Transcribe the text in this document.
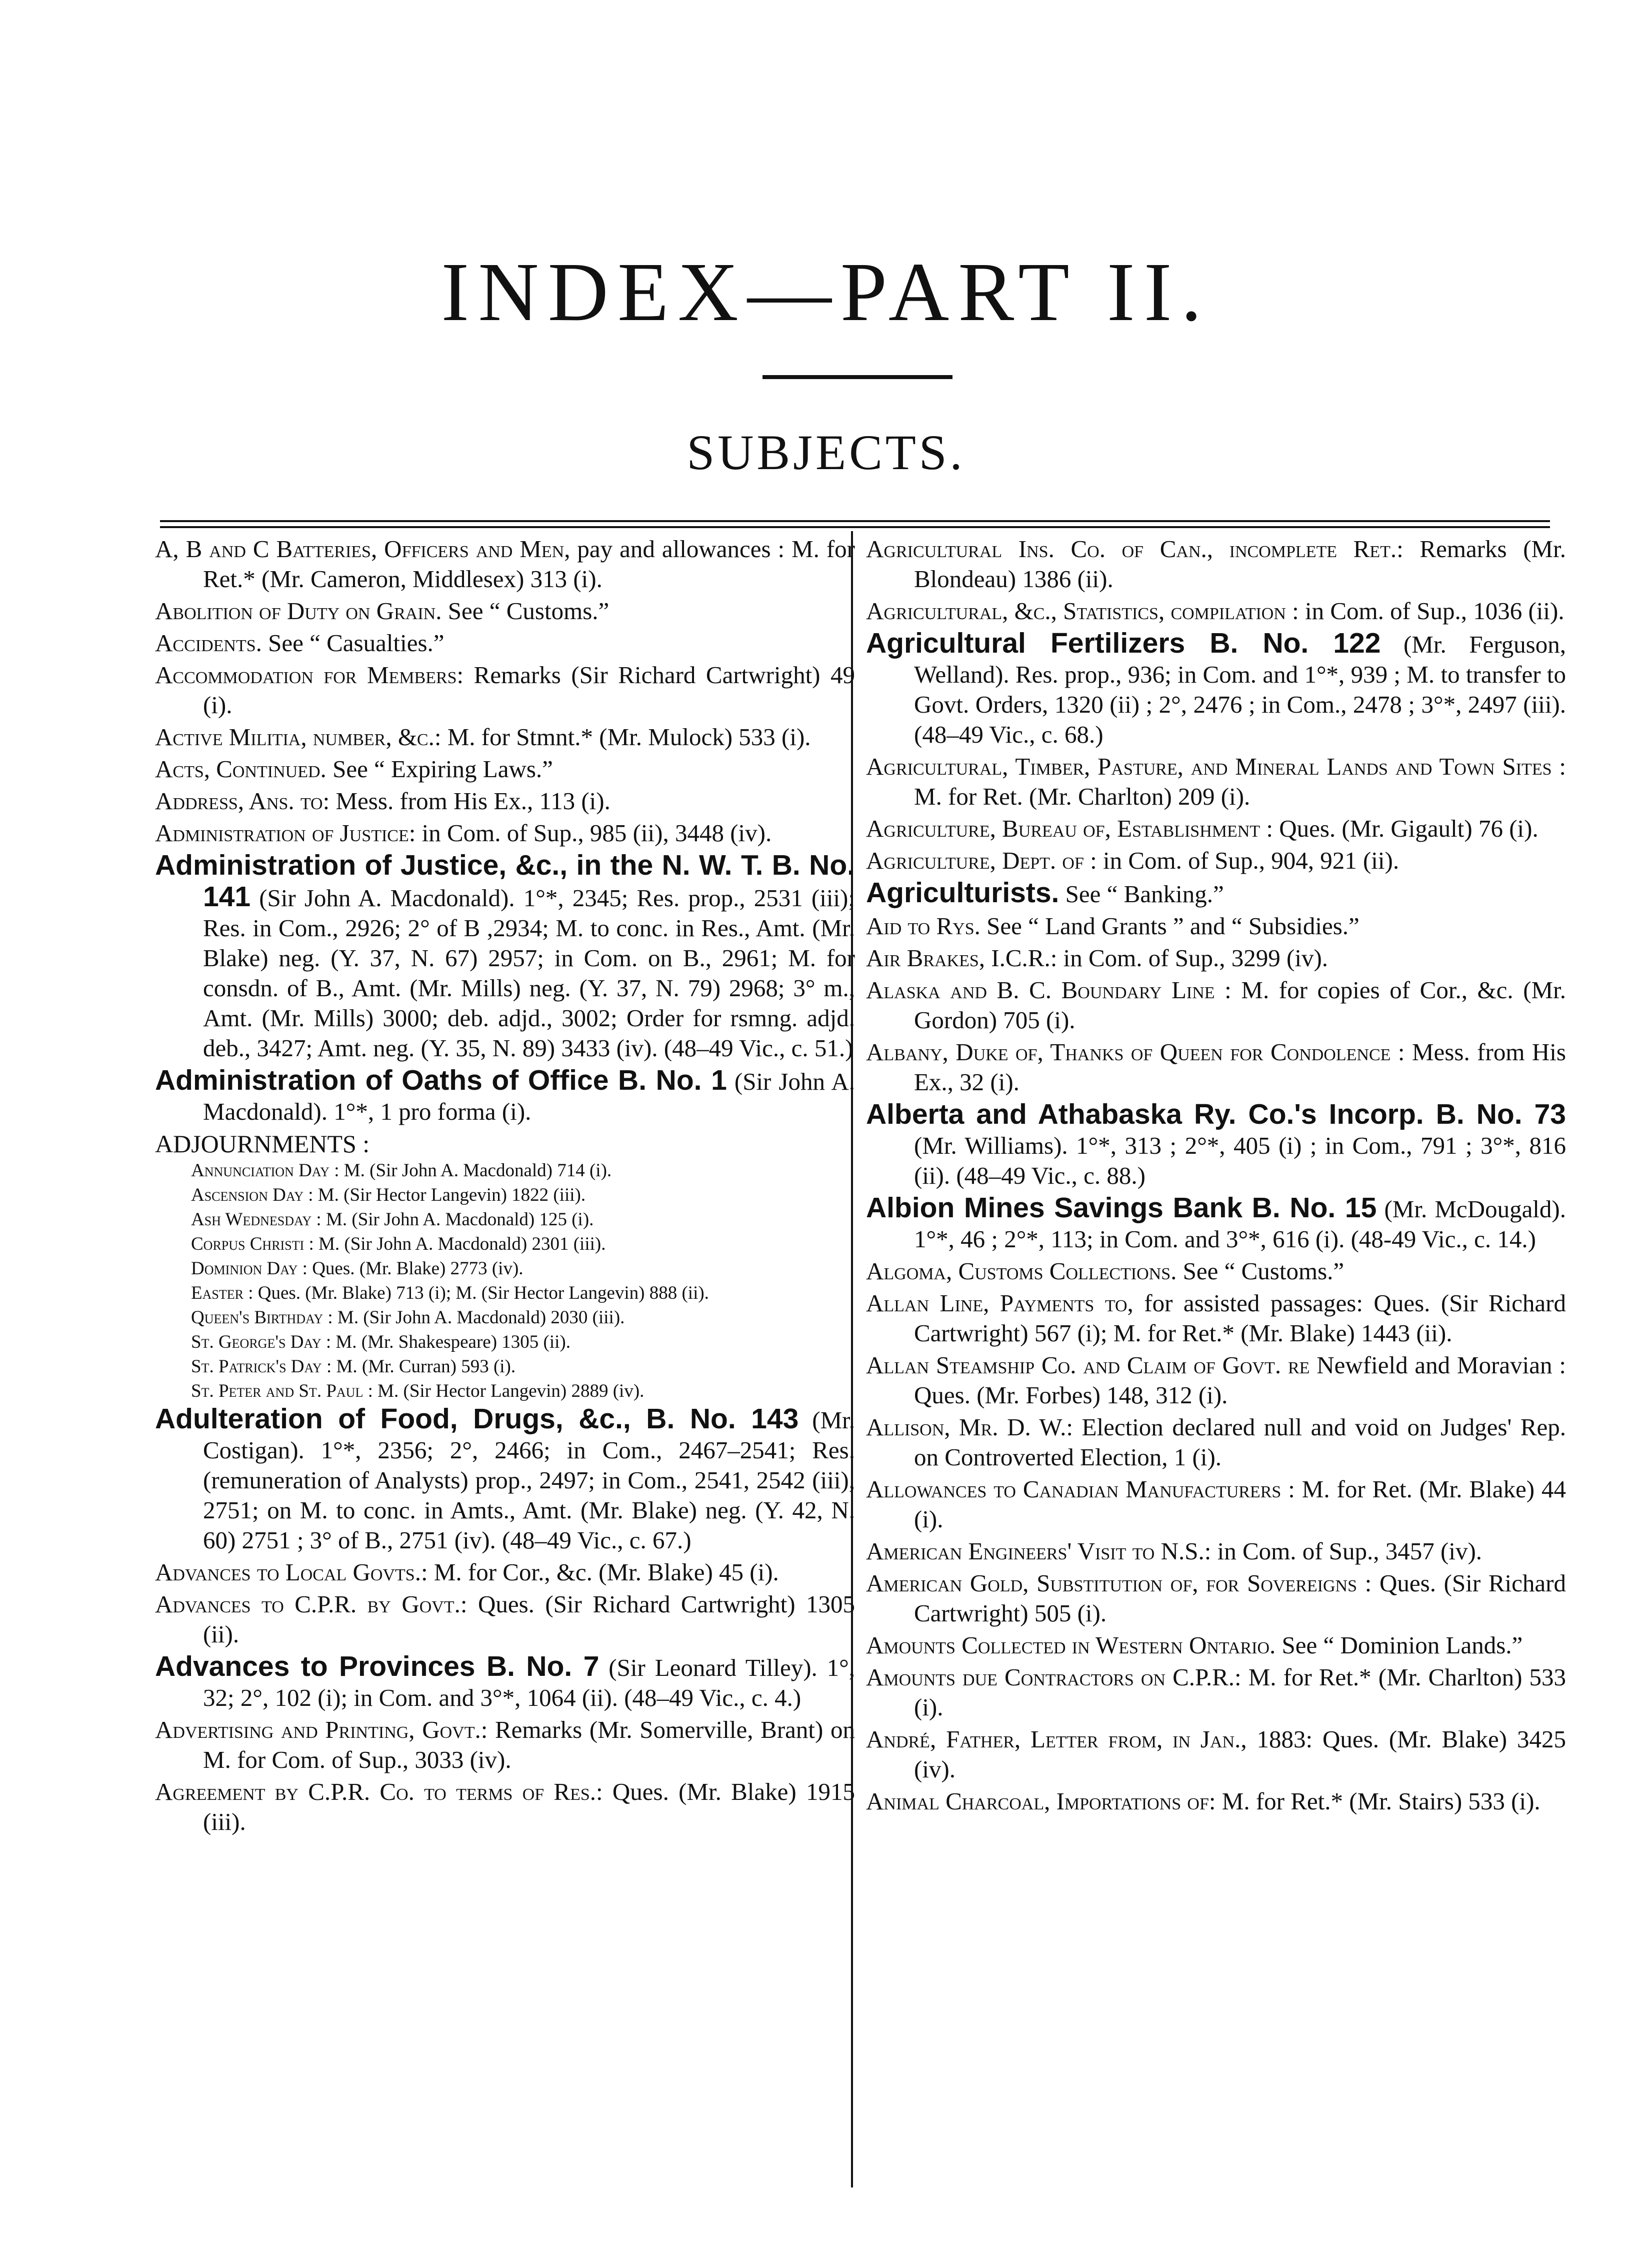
INDEX—PART II.
SUBJECTS.

A, B and C Batteries, Officers and Men, pay and allowances : M. for Ret.* (Mr. Cameron, Middlesex) 313 (i).

Abolition of Duty on Grain. See “ Customs.”

Accidents. See “ Casualties.”

Accommodation for Members: Remarks (Sir Richard Cartwright) 49 (i).

Active Militia, number, &c.: M. for Stmnt.* (Mr. Mulock) 533 (i).

Acts, Continued. See “ Expiring Laws.”

Address, Ans. to: Mess. from His Ex., 113 (i).

Administration of Justice: in Com. of Sup., 985 (ii), 3448 (iv).

Administration of Justice, &c., in the N. W. T. B. No. 141 (Sir John A. Macdonald). 1°*, 2345; Res. prop., 2531 (iii); Res. in Com., 2926; 2° of B ,2934; M. to conc. in Res., Amt. (Mr. Blake) neg. (Y. 37, N. 67) 2957; in Com. on B., 2961; M. for consdn. of B., Amt. (Mr. Mills) neg. (Y. 37, N. 79) 2968; 3° m., Amt. (Mr. Mills) 3000; deb. adjd., 3002; Order for rsmng. adjd. deb., 3427; Amt. neg. (Y. 35, N. 89) 3433 (iv). (48–49 Vic., c. 51.)

Administration of Oaths of Office B. No. 1 (Sir John A. Macdonald). 1°*, 1 pro forma (i).

ADJOURNMENTS :

Annunciation Day : M. (Sir John A. Macdonald) 714 (i).

Ascension Day : M. (Sir Hector Langevin) 1822 (iii).

Ash Wednesday : M. (Sir John A. Macdonald) 125 (i).

Corpus Christi : M. (Sir John A. Macdonald) 2301 (iii).

Dominion Day : Ques. (Mr. Blake) 2773 (iv).

Easter : Ques. (Mr. Blake) 713 (i); M. (Sir Hector Langevin) 888 (ii).

Queen's Birthday : M. (Sir John A. Macdonald) 2030 (iii).

St. George's Day : M. (Mr. Shakespeare) 1305 (ii).

St. Patrick's Day : M. (Mr. Curran) 593 (i).

St. Peter and St. Paul : M. (Sir Hector Langevin) 2889 (iv).

Adulteration of Food, Drugs, &c., B. No. 143 (Mr. Costigan). 1°*, 2356; 2°, 2466; in Com., 2467–2541; Res. (remuneration of Analysts) prop., 2497; in Com., 2541, 2542 (iii), 2751; on M. to conc. in Amts., Amt. (Mr. Blake) neg. (Y. 42, N. 60) 2751 ; 3° of B., 2751 (iv). (48–49 Vic., c. 67.)

Advances to Local Govts.: M. for Cor., &c. (Mr. Blake) 45 (i).

Advances to C.P.R. by Govt.: Ques. (Sir Richard Cartwright) 1305 (ii).

Advances to Provinces B. No. 7 (Sir Leonard Tilley). 1°, 32; 2°, 102 (i); in Com. and 3°*, 1064 (ii). (48–49 Vic., c. 4.)

Advertising and Printing, Govt.: Remarks (Mr. Somerville, Brant) on M. for Com. of Sup., 3033 (iv).

Agreement by C.P.R. Co. to terms of Res.: Ques. (Mr. Blake) 1915 (iii).

Agricultural Ins. Co. of Can., incomplete Ret.: Remarks (Mr. Blondeau) 1386 (ii).

Agricultural, &c., Statistics, compilation : in Com. of Sup., 1036 (ii).

Agricultural Fertilizers B. No. 122 (Mr. Ferguson, Welland). Res. prop., 936; in Com. and 1°*, 939 ; M. to transfer to Govt. Orders, 1320 (ii) ; 2°, 2476 ; in Com., 2478 ; 3°*, 2497 (iii). (48–49 Vic., c. 68.)

Agricultural, Timber, Pasture, and Mineral Lands and Town Sites : M. for Ret. (Mr. Charlton) 209 (i).

Agriculture, Bureau of, Establishment : Ques. (Mr. Gigault) 76 (i).

Agriculture, Dept. of : in Com. of Sup., 904, 921 (ii).

Agriculturists. See “ Banking.”

Aid to Rys. See “ Land Grants ” and “ Subsidies.”

Air Brakes, I.C.R.: in Com. of Sup., 3299 (iv).

Alaska and B. C. Boundary Line : M. for copies of Cor., &c. (Mr. Gordon) 705 (i).

Albany, Duke of, Thanks of Queen for Condolence : Mess. from His Ex., 32 (i).

Alberta and Athabaska Ry. Co.'s Incorp. B. No. 73 (Mr. Williams). 1°*, 313 ; 2°*, 405 (i) ; in Com., 791 ; 3°*, 816 (ii). (48–49 Vic., c. 88.)

Albion Mines Savings Bank B. No. 15 (Mr. McDougald). 1°*, 46 ; 2°*, 113; in Com. and 3°*, 616 (i). (48-49 Vic., c. 14.)

Algoma, Customs Collections. See “ Customs.”

Allan Line, Payments to, for assisted passages: Ques. (Sir Richard Cartwright) 567 (i); M. for Ret.* (Mr. Blake) 1443 (ii).

Allan Steamship Co. and Claim of Govt. re Newfield and Moravian : Ques. (Mr. Forbes) 148, 312 (i).

Allison, Mr. D. W.: Election declared null and void on Judges' Rep. on Controverted Election, 1 (i).

Allowances to Canadian Manufacturers : M. for Ret. (Mr. Blake) 44 (i).

American Engineers' Visit to N.S.: in Com. of Sup., 3457 (iv).

American Gold, Substitution of, for Sovereigns : Ques. (Sir Richard Cartwright) 505 (i).

Amounts Collected in Western Ontario. See “ Dominion Lands.”

Amounts due Contractors on C.P.R.: M. for Ret.* (Mr. Charlton) 533 (i).

André, Father, Letter from, in Jan., 1883: Ques. (Mr. Blake) 3425 (iv).

Animal Charcoal, Importations of: M. for Ret.* (Mr. Stairs) 533 (i).
